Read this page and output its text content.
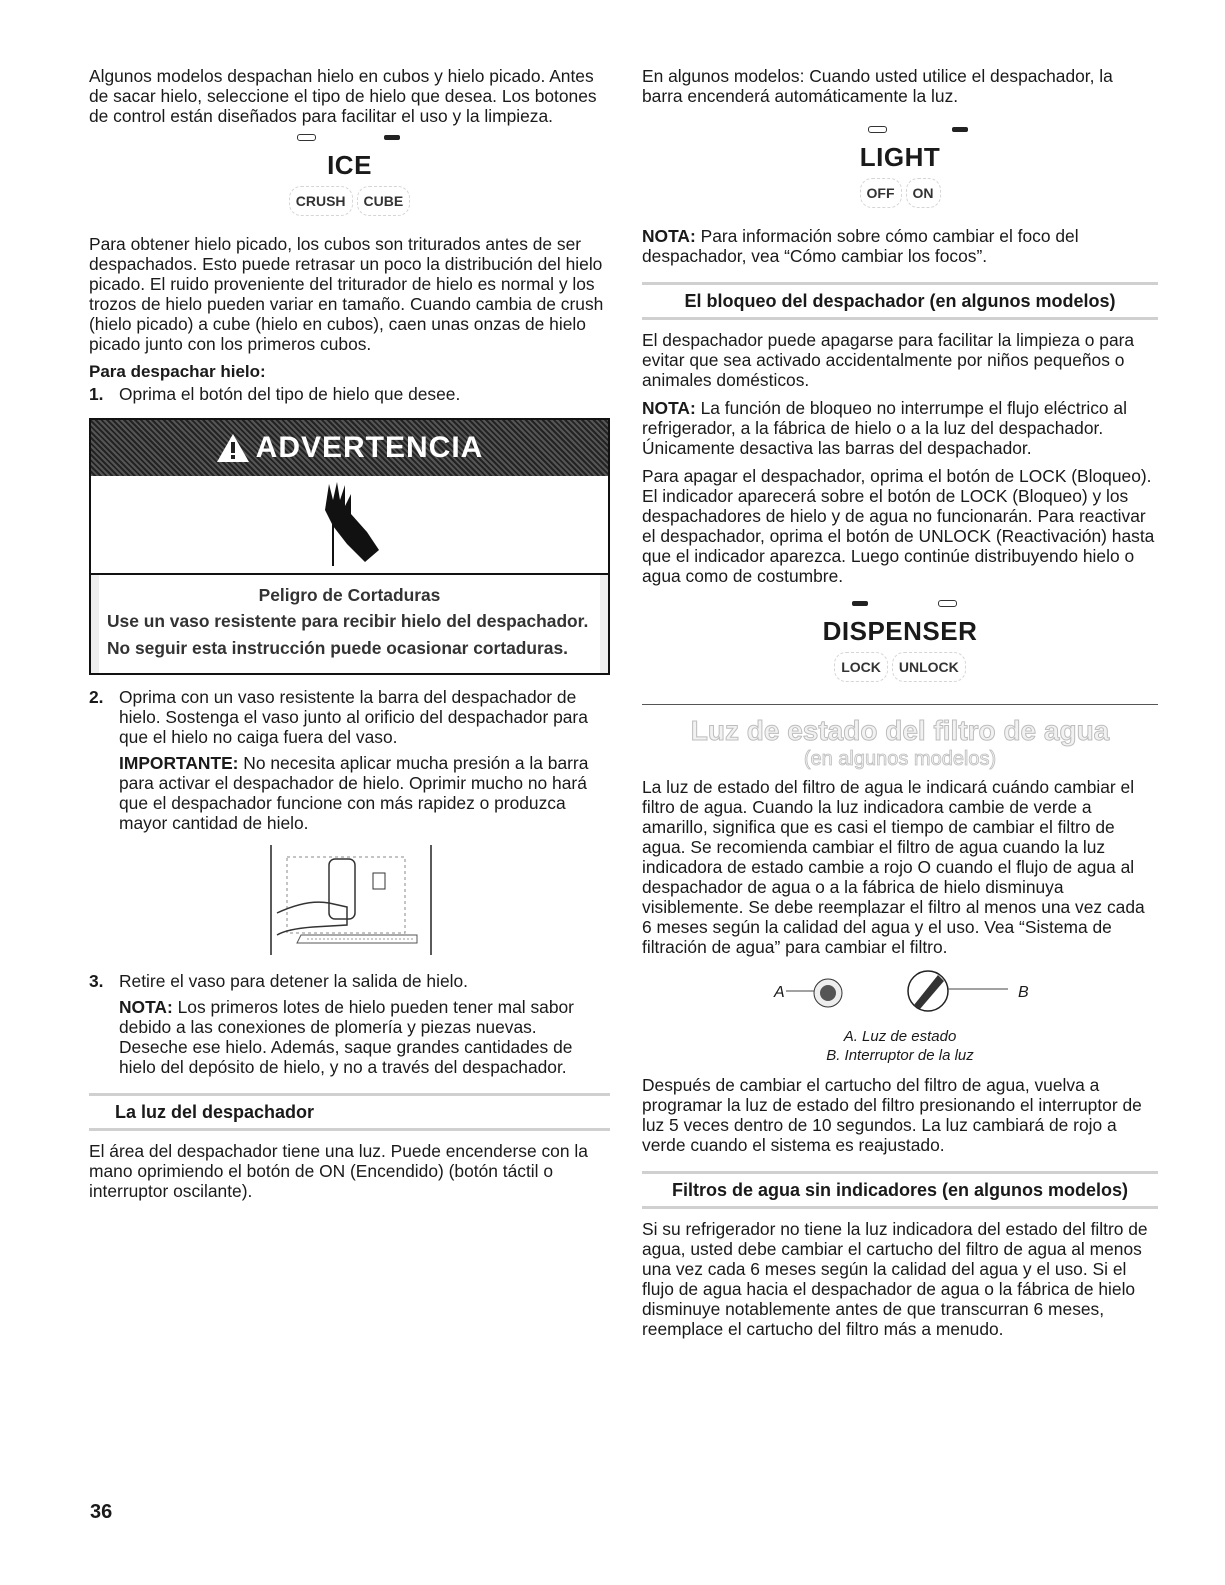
Algunos modelos despachan hielo en cubos y hielo picado. Antes de sacar hielo, seleccione el tipo de hielo que desea. Los botones de control están diseñados para facilitar el uso y la limpieza.

ICE
CRUSH	CUBE

Para obtener hielo picado, los cubos son triturados antes de ser despachados. Esto puede retrasar un poco la distribución del hielo picado. El ruido proveniente del triturador de hielo es normal y los trozos de hielo pueden variar en tamaño. Cuando cambia de crush (hielo picado) a cube (hielo en cubos), caen unas onzas de hielo picado junto con los primeros cubos.

Para despachar hielo:
1. Oprima el botón del tipo de hielo que desee.
ADVERTENCIA
Peligro de Cortaduras

Use un vaso resistente para recibir hielo del despachador.

No seguir esta instrucción puede ocasionar cortaduras.

2. Oprima con un vaso resistente la barra del despachador de hielo. Sostenga el vaso junto al orificio del despachador para que el hielo no caiga fuera del vaso.

IMPORTANTE: No necesita aplicar mucha presión a la barra para activar el despachador de hielo. Oprimir mucho no hará que el despachador funcione con más rapidez o produzca mayor cantidad de hielo.

3. Retire el vaso para detener la salida de hielo.

NOTA: Los primeros lotes de hielo pueden tener mal sabor debido a las conexiones de plomería y piezas nuevas. Deseche ese hielo. Además, saque grandes cantidades de hielo del depósito de hielo, y no a través del despachador.

La luz del despachador

El área del despachador tiene una luz. Puede encenderse con la mano oprimiendo el botón de ON (Encendido) (botón táctil o interruptor oscilante).

En algunos modelos: Cuando usted utilice el despachador, la barra encenderá automáticamente la luz.

LIGHT
OFF	ON

NOTA: Para información sobre cómo cambiar el foco del despachador, vea “Cómo cambiar los focos”.

El bloqueo del despachador (en algunos modelos)

El despachador puede apagarse para facilitar la limpieza o para evitar que sea activado accidentalmente por niños pequeños o animales domésticos.

NOTA: La función de bloqueo no interrumpe el flujo eléctrico al refrigerador, a la fábrica de hielo o a la luz del despachador. Únicamente desactiva las barras del despachador.

Para apagar el despachador, oprima el botón de LOCK (Bloqueo). El indicador aparecerá sobre el botón de LOCK (Bloqueo) y los despachadores de hielo y de agua no funcionarán. Para reactivar el despachador, oprima el botón de UNLOCK (Reactivación) hasta que el indicador aparezca. Luego continúe distribuyendo hielo o agua como de costumbre.

DISPENSER
LOCK	UNLOCK
Luz de estado del filtro de agua
(en algunos modelos)

La luz de estado del filtro de agua le indicará cuándo cambiar el filtro de agua. Cuando la luz indicadora cambie de verde a amarillo, significa que es casi el tiempo de cambiar el filtro de agua. Se recomienda cambiar el filtro de agua cuando la luz indicadora de estado cambie a rojo O cuando el flujo de agua al despachador de agua o a la fábrica de hielo disminuya visiblemente. Se debe reemplazar el filtro al menos una vez cada 6 meses según la calidad del agua y el uso. Vea “Sistema de filtración de agua” para cambiar el filtro.

A	B
A. Luz de estado
B. Interruptor de la luz

Después de cambiar el cartucho del filtro de agua, vuelva a programar la luz de estado del filtro presionando el interruptor de luz 5 veces dentro de 10 segundos. La luz cambiará de rojo a verde cuando el sistema es reajustado.

Filtros de agua sin indicadores (en algunos modelos)

Si su refrigerador no tiene la luz indicadora del estado del filtro de agua, usted debe cambiar el cartucho del filtro de agua al menos una vez cada 6 meses según la calidad del agua y el uso. Si el flujo de agua hacia el despachador de agua o la fábrica de hielo disminuye notablemente antes de que transcurran 6 meses, reemplace el cartucho del filtro más a menudo.

36
